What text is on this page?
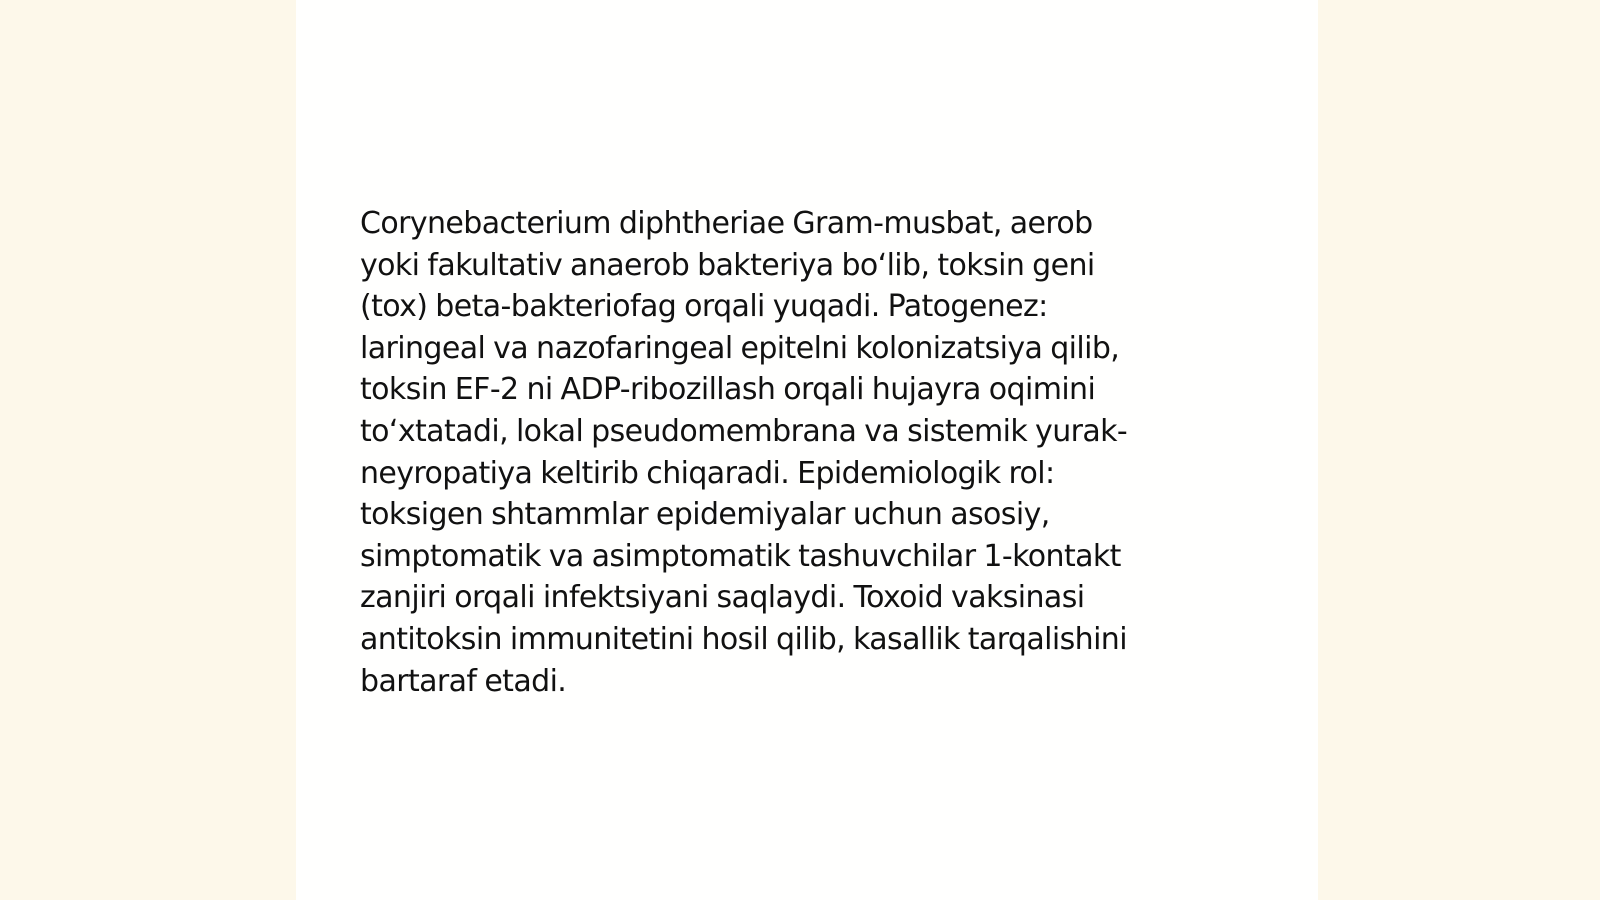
Corynebacterium diphtheriae Gram-musbat, aerob
yoki fakultativ anaerob bakteriya bo‘lib, toksin geni
(tox) beta-bakteriofag orqali yuqadi. Patogenez:
laringeal va nazofaringeal epitelni kolonizatsiya qilib,
toksin EF-2 ni ADP-ribozillash orqali hujayra oqimini
to‘xtatadi, lokal pseudomembrana va sistemik yurak-
neyropatiya keltirib chiqaradi. Epidemiologik rol:
toksigen shtammlar epidemiyalar uchun asosiy,
simptomatik va asimptomatik tashuvchilar 1-kontakt
zanjiri orqali infektsiyani saqlaydi. Toxoid vaksinasi
antitoksin immunitetini hosil qilib, kasallik tarqalishini
bartaraf etadi.
